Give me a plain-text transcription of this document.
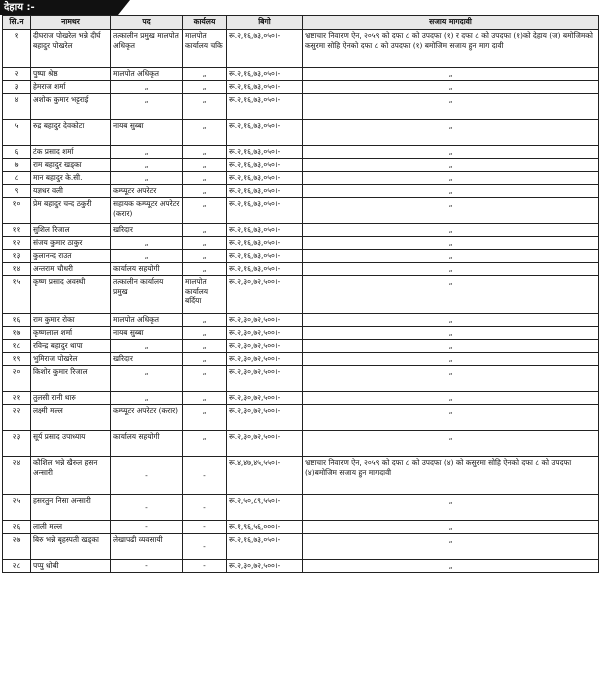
देहाय :-
सि.न	नामथर	पद	कार्यलय	बिगो	सजाय मागदावी
१	दीघराज पोखरेल भन्ने दीर्घ बहादुर पोखरेल	तत्कालीन प्रमुख मालपोत अधिकृत	मालपोत कार्यालय चकि	रू.२,१६,७३,०५०।-	भ्रष्टाचार निवारण ऐन, २०५९ को दफा ८ को उपदफा (१) र दफा ८ को उपदफा (१)को देहाय (ज) बमोजिमको कसुरमा सोहि ऐनको दफा ८ को उपदफा (१) बमोजिम सजाय हुन माग दावी
२	पुष्पा श्रेष्ठ	मालपोत अधिकृत	„	रू.२,१६,७३,०५०।-	„
३	हेमराज शर्मा	„	„	रू.२,१६,७३,०५०।-	„
४	अशोक कुमार भट्टराई	„	„	रू.२,१६,७३,०५०।-	„
५	रुद्र बहादुर देवकोटा	नायब सुब्बा	„	रू.२,१६,७३,०५०।-	„
६	टंक प्रसाद शर्मा	„	„	रू.२,१६,७३,०५०।-	„
७	राम बहादुर खड्का	„	„	रू.२,१६,७३,०५०।-	„
८	मान बहादुर के.सी.	„	„	रू.२,१६,७३,०५०।-	„
९	यज्ञधर वली	कम्प्यूटर अपरेटर	„	रू.२,१६,७३,०५०।-	„
१०	प्रेम बहादुर चन्द ठकुरी	सहायक कम्प्यूटर अपरेटर (करार)	„	रू.२,१६,७३,०५०।-	„
११	सुशिल रिजाल	खरिदार	„	रू.२,१६,७३,०५०।-	„
१२	संजय कुमार ठाकुर	„	„	रू.२,१६,७३,०५०।-	„
१३	कुलानन्द राउत	„	„	रू.२,१६,७३,०५०।-	„
१४	अन्तराम चौधरी	कार्यालय सहयोगी	„	रू.२,१६,७३,०५०।-	„
१५	कृष्ण प्रसाद अवस्थी	तत्कालीन कार्यालय प्रमुख	मालपोत कार्यालय बर्दिया	रू.२,३०,७२,५००।-	„
१६	राम कुमार रोका	मालपोत अधिकृत	„	रू.२,३०,७२,५००।-	„
१७	कृष्णलाल शर्मा	नायब सुब्बा	„	रू.२,३०,७२,५००।-	„
१८	रविन्द्र बहादुर थापा	„	„	रू.२,३०,७२,५००।-	„
१९	भुमिराज पोखरेल	खरिदार	„	रू.२,३०,७२,५००।-	„
२०	किशोर कुमार रिजाल	„	„	रू.२,३०,७२,५००।-	„
२१	तुलसी रानी थारु	„	„	रू.२,३०,७२,५००।-	„
२२	लक्ष्मी मल्ल	कम्प्यूटर अपरेटर (करार)	„	रू.२,३०,७२,५००।-	„
२३	सूर्य प्रसाद उपाध्याय	कार्यालय सहयोगी	„	रू.२,३०,७२,५००।-	„
२४	कौशिल भन्ने खैरुल हसन अन्सारी	-	-	रू.४,४७,४५,५५०।-	भ्रष्टाचार निवारण ऐन, २०५९ को दफा ८ को उपदफा (४) को कसुरमा सोहि ऐनको दफा ८ को उपदफा (४)बमोजिम सजाय हुन मागदावी
२५	हसरतुन निसा अन्सारी	-	-	रू.२,५०,८९,५५०।-	„
२६	लाली मल्ल	-	-	रू.१,९६,५६,०००।-	„
२७	बिरु भन्ने बृहस्पती खड्का	लेखापढी व्यवसायी	-	रू.२,१६,७३,०५०।-	„
२८	पप्पु धोबी	-	-	रू.२,३०,७२,५००।-	„
